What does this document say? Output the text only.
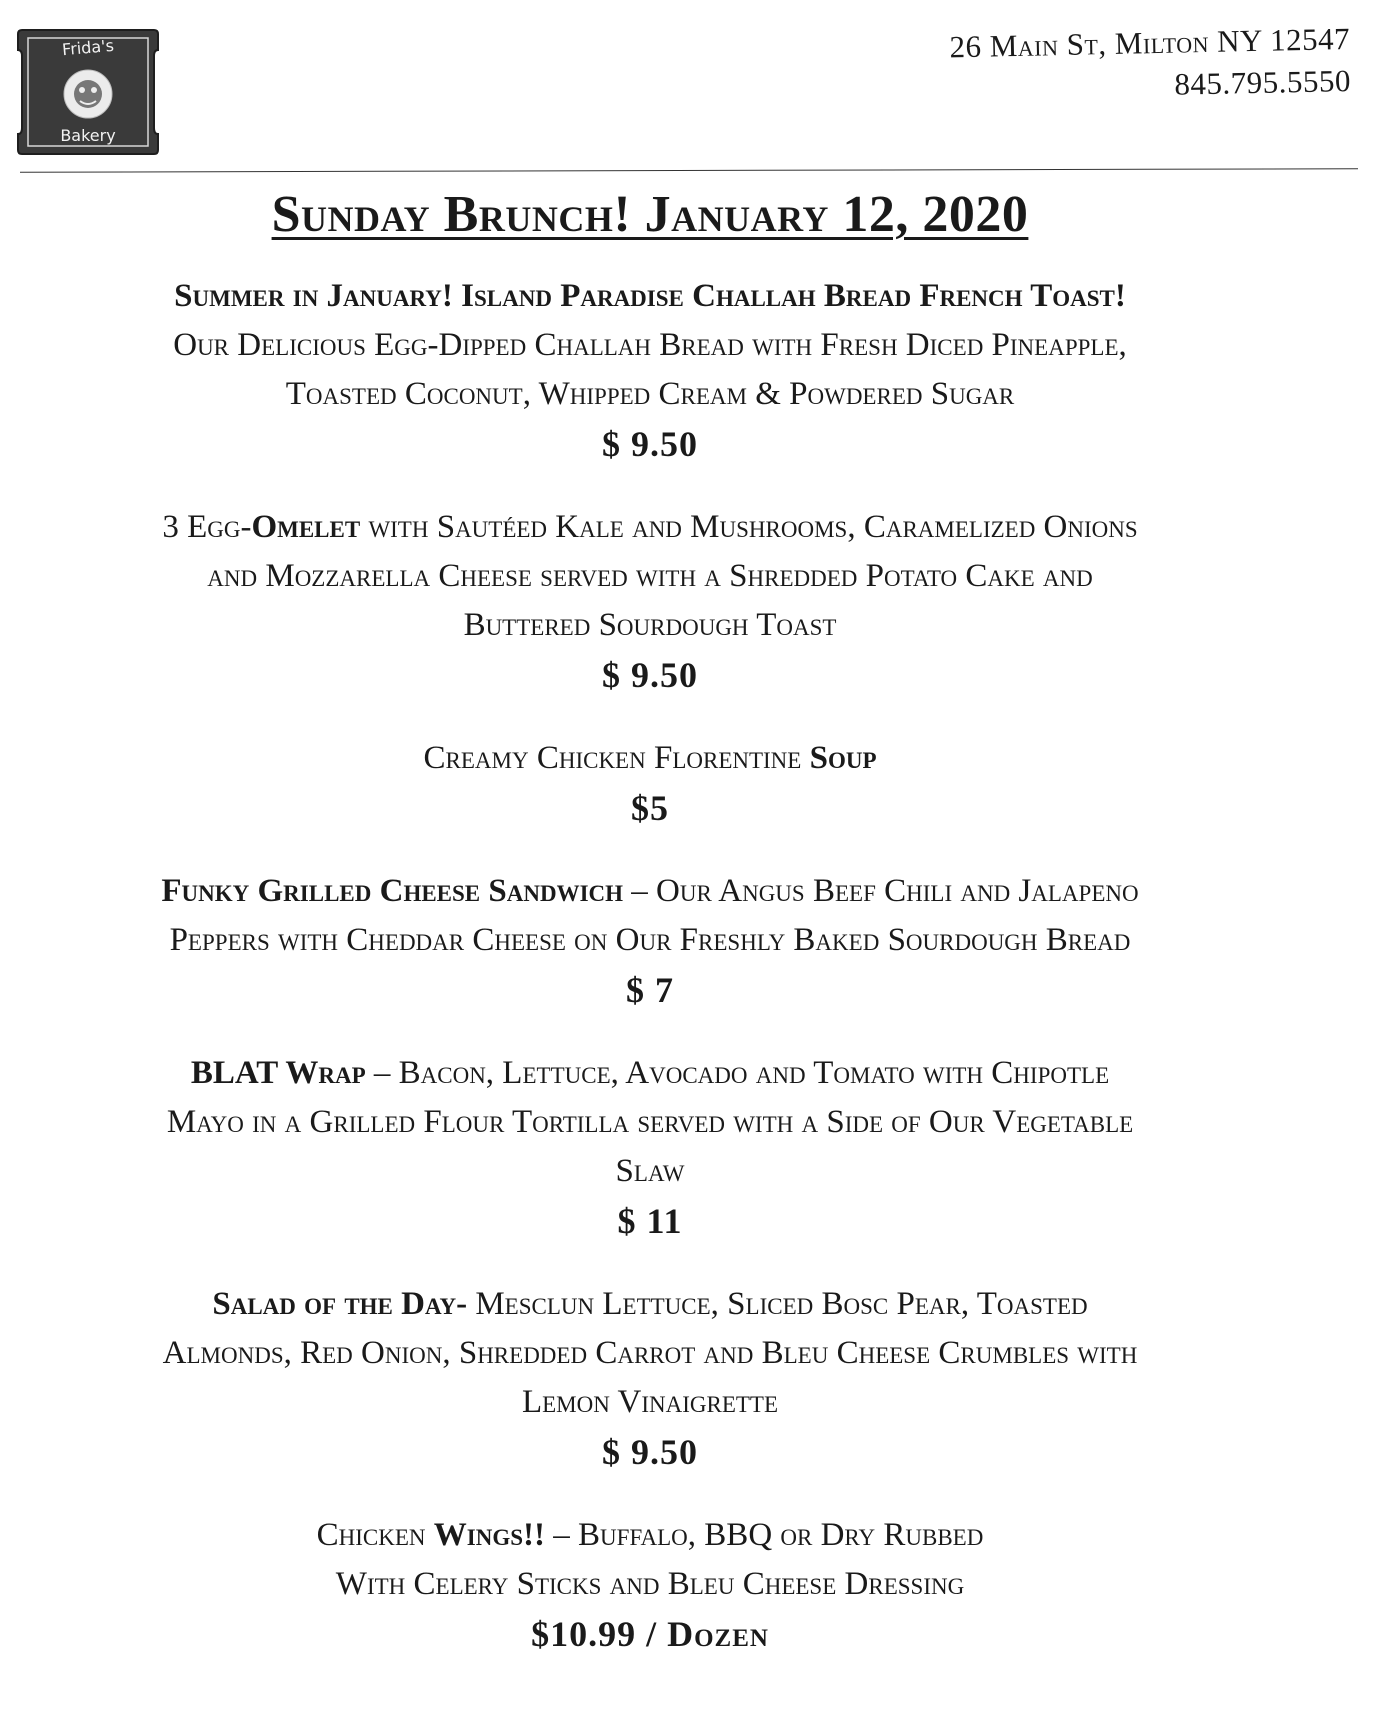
Frida's
Bakery
26 Main St, Milton NY 12547
845.795.5550
Sunday Brunch! January 12, 2020
Summer in January! Island Paradise Challah Bread French Toast!
Our Delicious Egg-Dipped Challah Bread with Fresh Diced Pineapple,
Toasted Coconut, Whipped Cream & Powdered Sugar
$ 9.50
3 Egg-Omelet with Sautéed Kale and Mushrooms, Caramelized Onions
and Mozzarella Cheese served with a Shredded Potato Cake and
Buttered Sourdough Toast
$ 9.50
Creamy Chicken Florentine Soup
$5
Funky Grilled Cheese Sandwich – Our Angus Beef Chili and Jalapeno
Peppers with Cheddar Cheese on Our Freshly Baked Sourdough Bread
$ 7
BLAT Wrap – Bacon, Lettuce, Avocado and Tomato with Chipotle
Mayo in a Grilled Flour Tortilla served with a Side of Our Vegetable
Slaw
$ 11
Salad of the Day- Mesclun Lettuce, Sliced Bosc Pear, Toasted
Almonds, Red Onion, Shredded Carrot and Bleu Cheese Crumbles with
Lemon Vinaigrette
$ 9.50
Chicken Wings!! – Buffalo, BBQ or Dry Rubbed
With Celery Sticks and Bleu Cheese Dressing
$10.99 / Dozen
